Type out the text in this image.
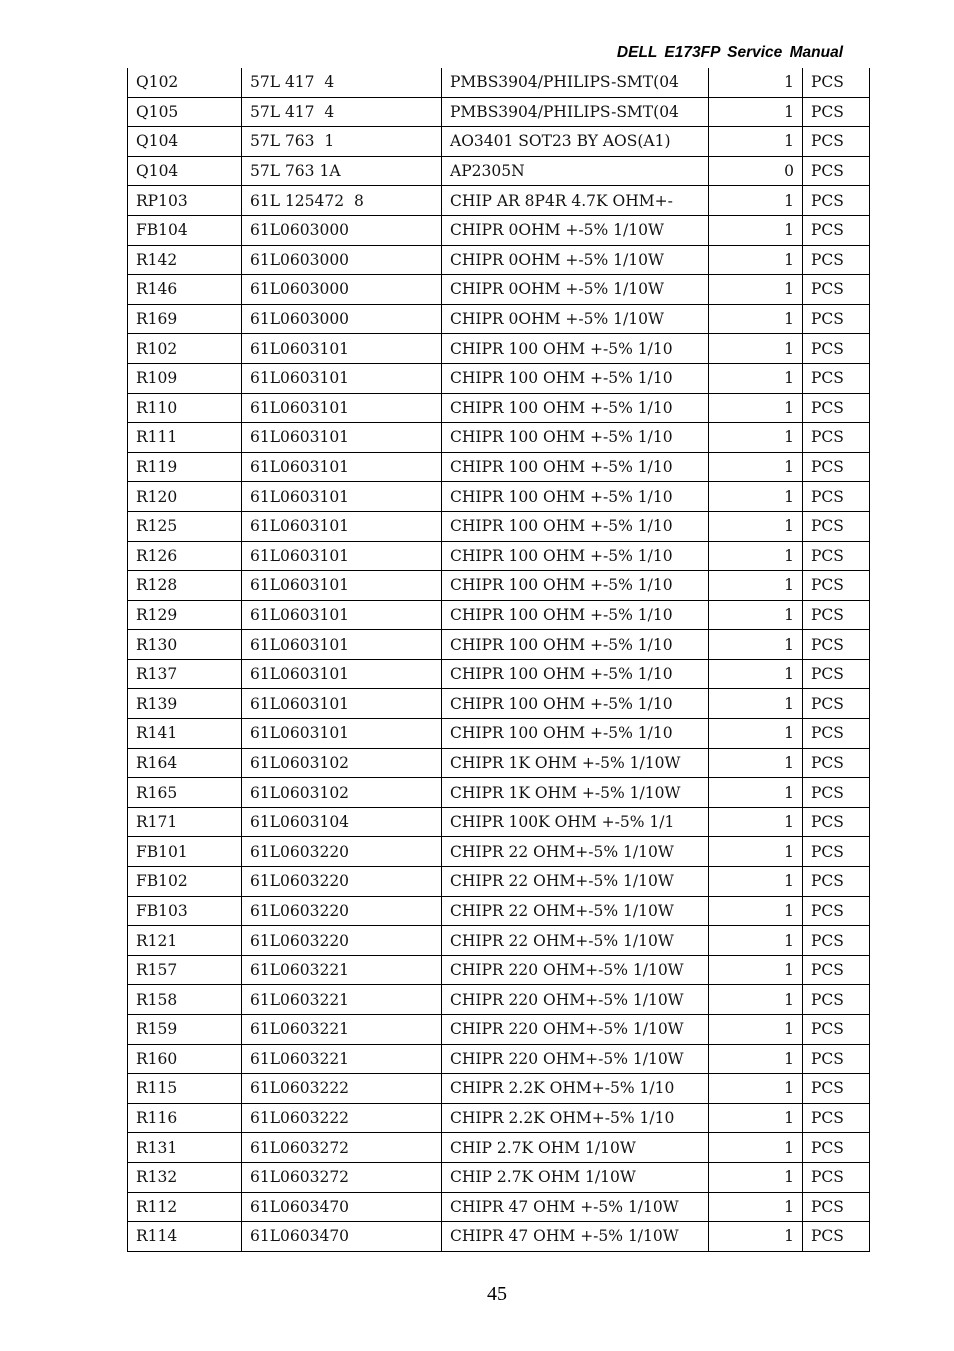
DELL E173FP Service Manual
Q102	57L 417  4	PMBS3904/PHILIPS-SMT(04	1	PCS
Q105	57L 417  4	PMBS3904/PHILIPS-SMT(04	1	PCS
Q104	57L 763  1	AO3401 SOT23 BY AOS(A1)	1	PCS
Q104	57L 763 1A	AP2305N	0	PCS
RP103	61L 125472  8	CHIP AR 8P4R 4.7K OHM+-	1	PCS
FB104	61L0603000	CHIPR 0OHM +-5% 1/10W	1	PCS
R142	61L0603000	CHIPR 0OHM +-5% 1/10W	1	PCS
R146	61L0603000	CHIPR 0OHM +-5% 1/10W	1	PCS
R169	61L0603000	CHIPR 0OHM +-5% 1/10W	1	PCS
R102	61L0603101	CHIPR 100 OHM +-5% 1/10	1	PCS
R109	61L0603101	CHIPR 100 OHM +-5% 1/10	1	PCS
R110	61L0603101	CHIPR 100 OHM +-5% 1/10	1	PCS
R111	61L0603101	CHIPR 100 OHM +-5% 1/10	1	PCS
R119	61L0603101	CHIPR 100 OHM +-5% 1/10	1	PCS
R120	61L0603101	CHIPR 100 OHM +-5% 1/10	1	PCS
R125	61L0603101	CHIPR 100 OHM +-5% 1/10	1	PCS
R126	61L0603101	CHIPR 100 OHM +-5% 1/10	1	PCS
R128	61L0603101	CHIPR 100 OHM +-5% 1/10	1	PCS
R129	61L0603101	CHIPR 100 OHM +-5% 1/10	1	PCS
R130	61L0603101	CHIPR 100 OHM +-5% 1/10	1	PCS
R137	61L0603101	CHIPR 100 OHM +-5% 1/10	1	PCS
R139	61L0603101	CHIPR 100 OHM +-5% 1/10	1	PCS
R141	61L0603101	CHIPR 100 OHM +-5% 1/10	1	PCS
R164	61L0603102	CHIPR 1K OHM +-5% 1/10W	1	PCS
R165	61L0603102	CHIPR 1K OHM +-5% 1/10W	1	PCS
R171	61L0603104	CHIPR 100K OHM +-5% 1/1	1	PCS
FB101	61L0603220	CHIPR 22 OHM+-5% 1/10W	1	PCS
FB102	61L0603220	CHIPR 22 OHM+-5% 1/10W	1	PCS
FB103	61L0603220	CHIPR 22 OHM+-5% 1/10W	1	PCS
R121	61L0603220	CHIPR 22 OHM+-5% 1/10W	1	PCS
R157	61L0603221	CHIPR 220 OHM+-5% 1/10W	1	PCS
R158	61L0603221	CHIPR 220 OHM+-5% 1/10W	1	PCS
R159	61L0603221	CHIPR 220 OHM+-5% 1/10W	1	PCS
R160	61L0603221	CHIPR 220 OHM+-5% 1/10W	1	PCS
R115	61L0603222	CHIPR 2.2K OHM+-5% 1/10	1	PCS
R116	61L0603222	CHIPR 2.2K OHM+-5% 1/10	1	PCS
R131	61L0603272	CHIP 2.7K OHM 1/10W	1	PCS
R132	61L0603272	CHIP 2.7K OHM 1/10W	1	PCS
R112	61L0603470	CHIPR 47 OHM +-5% 1/10W	1	PCS
R114	61L0603470	CHIPR 47 OHM +-5% 1/10W	1	PCS
45
